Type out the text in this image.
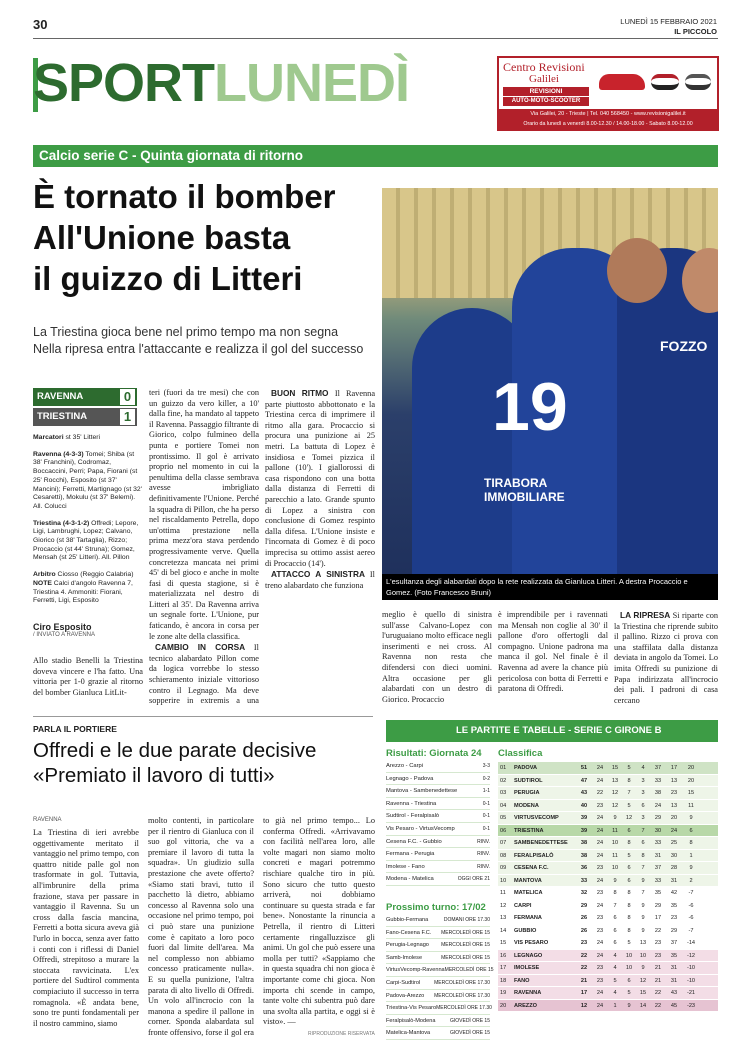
30	LUNEDÌ 15 FEBBRAIO 2021
IL PICCOLO
SPORTLUNEDÌ	Centro Revisioni
Galilei
REVISIONI
AUTO-MOTO-SCOOTER
Via Galilei, 20 - Trieste | Tel. 040 568450 - www.revisionigalilei.it
Orario da lunedì a venerdì 8.00-12.30 / 14.00-18.00 - Sabato 8.00-12.00
Calcio serie C - Quinta giornata di ritorno
È tornato il bomber
All'Unione basta
il guizzo di Litteri
La Triestina gioca bene nel primo tempo ma non segna
Nella ripresa entra l'attaccante e realizza il gol del successo
19
FOZZO
TIRABORA IMMOBILIARE
L'esultanza degli alabardati dopo la rete realizzata da Gianluca Litteri. A destra Procaccio e Gomez. (Foto Francesco Bruni)
RAVENNA	0
TRIESTINA	1
Marcatori st 35' Litteri
Ravenna (4-3-3) Tomei; Shiba (st 38' Franchini), Codromaz, Boccaccini, Perri; Papa, Fiorani (st 25' Rocchi), Esposito (st 37' Mancini); Ferretti, Martignago (st 32' Cesaretti), Mokulu (st 37' Belemi). All. Colucci
Triestina (4-3-1-2) Offredi; Lepore, Ligi, Lambrughi, Lopez; Calvano, Giorico (st 38' Tartaglia), Rizzo; Procaccio (st 44' Struna); Gomez, Mensah (st 25' Litteri). All. Pillon
Arbitro Ciosso (Reggio Calabria)
NOTE Calci d'angolo Ravenna 7, Triestina 4. Ammoniti: Fiorani, Ferretti, Ligi, Esposito
Ciro Esposito
/ INVIATO A RAVENNA

Allo stadio Benelli la Triestina doveva vincere e l'ha fatto. Una vittoria per 1-0 grazie al ritorno del bomber Gianluca LitLit-

teri (fuori da tre mesi) che con un guizzo da vero killer, a 10' dalla fine, ha mandato al tappeto il Ravenna. Passaggio filtrante di Giorico, colpo fulmineo della punta e portiere Tomei non prontissimo. Il gol è arrivato proprio nel momento in cui la penultima della classe sembrava avesse imbrigliato definitivamente l'Unione. Perché la squadra di Pillon, che ha perso nel riscaldamento Petrella, dopo un'ottima prestazione nella prima mezz'ora stava perdendo progressivamente verve. Quella concretezza mancata nei primi 45' di bel gioco e anche in molte fasi di questa stagione, si è materializzata nel destro di Litteri al 35'. Da Ravenna arriva un segnale forte. L'Unione, pur faticando, è ancora in corsa per le zone alte della classifica.

CAMBIO IN CORSA Il tecnico alabardato Pillon come da logica vorrebbe lo stesso schieramento iniziale vittorioso contro il Legnago. Ma deve sopperire in extremis a una

BUON RITMO Il Ravenna parte piuttosto abbottonato e la Triestina cerca di imprimere il ritmo alla gara. Procaccio si procura una punizione ai 25 metri. La battuta di Lopez è insidiosa e Tomei pizzica il pallone (10'). I giallorossi di casa rispondono con una botta dalla distanza di Ferretti di parecchio a lato. Grande spunto di Lopez a sinistra con conclusione di Gomez respinto dalla difesa. L'Unione insiste e l'incornata di Gomez è di poco imprecisa su ottimo assist aereo di Procaccio (14').

ATTACCO A SINISTRA Il treno alabardato che funziona

meglio è quello di sinistra sull'asse Calvano-Lopez con l'uruguaiano molto efficace negli inserimenti e nei cross. Al Ravenna non resta che difendersi con dieci uomini. Altra occasione per gli alabardati con un destro di Giorico. Procaccio

è imprendibile per i ravennati ma Mensah non coglie al 30' il pallone d'oro offertogli dal compagno. Unione padrona ma manca il gol. Nel finale è il Ravenna ad avere la chance più pericolosa con botta di Ferretti e paratona di Offredi.

LA RIPRESA Si riparte con la Triestina che riprende subito il pallino. Rizzo ci prova con una staffilata dalla distanza deviata in angolo da Tomei. Lo imita Offredi su punizione di Papa indirizzata all'incrocio dei pali. I padroni di casa cercano

PARLA IL PORTIERE
Offredi e le due parate decisive
«Premiato il lavoro di tutti»
RAVENNA

La Triestina di ieri avrebbe oggettivamente meritato il vantaggio nel primo tempo, con quattro nitide palle gol non trasformate in gol. Tuttavia, all'imbrunire della prima frazione, stava per passare in vantaggio il Ravenna. Su un cross dalla fascia mancina, Ferretti a botta sicura aveva già l'urlo in bocca, senza aver fatto i conti con i riflessi di Daniel Offredi, strepitoso a murare la stoccata ravvicinata. L'ex portiere del Sudtirol commenta compiaciuto il successo in terra romagnola. «È andata bene, sono tre punti fondamentali per il nostro cammino, siamo

molto contenti, in particolare per il rientro di Gianluca con il suo gol vittoria, che va a premiare il lavoro di tutta la squadra». Un giudizio sulla prestazione che avete offerto? «Siamo stati bravi, tutto il pacchetto là dietro, abbiamo concesso al Ravenna solo una occasione nel primo tempo, poi ci può stare una punizione come è capitato a loro poco fuori dal limite dell'area. Ma nel complesso non abbiamo concesso praticamente nulla». E su quella punizione, l'altra parata di alto livello di Offredi. Un volo all'incrocio con la manona a spedire il pallone in corner. Sponda alabardata sul fronte offensivo, forse il gol era

to già nel primo tempo... Lo conferma Offredi. «Arrivavamo con facilità nell'area loro, alle volte magari non siamo molto concreti e magari potremmo rischiare qualche tiro in più. Sono sicuro che tutto questo arriverà, noi dobbiamo continuare su questa strada e far bene». Nonostante la rinuncia a Petrella, il rientro di Litteri certamente ringalluzzisce gli animi. Un gol che può essere una molla per tutti? «Sappiamo che in questa squadra chi non gioca è importante come chi gioca. Non importa chi scende in campo, tante volte chi subentra può dare una svolta alla partita, e oggi si è visto». —

RIPRODUZIONE RISERVATA
LE PARTITE E TABELLE - SERIE C GIRONE B
Risultati: Giornata 24
Arezzo - Carpi	3-3
Legnago - Padova	0-2
Mantova - Sambenedettese	1-1
Ravenna - Triestina	0-1
Sudtirol - Feralpisalò	0-1
Vis Pesaro - VirtusVecomp	0-1
Cesena F.C. - Gubbio	RINV.
Fermana - Perugia	RINV.
Imolese - Fano	RINV.
Modena - Matelica	OGGI ORE 21
Prossimo turno: 17/02
Gubbio-Fermana	DOMANI ORE 17.30
Fano-Cesena F.C. MERCOLEDÌ ORE 15
Perugia-Legnago MERCOLEDÌ ORE 15
Samb-Imolese	MERCOLEDÌ ORE 15
VirtusVecomp-Ravenna MERCOLEDÌ ORE 15
Carpi-Sudtirol	MERCOLEDÌ ORE 17.30
Padova-Arezzo MERCOLEDÌ ORE 17.30
Triestina-Vis Pesaro MERCOLEDÌ ORE 17.30
Feralpisalò-Modena	GIOVEDÌ ORE 15
Matelica-Mantova	GIOVEDÌ ORE 15
Classifica
01	PADOVA	51	24	15	5	4	37	17	20
02	SUDTIROL	47	24	13	8	3	33	13	20
03	PERUGIA	43	22	12	7	3	38	23	15
04	MODENA	40	23	12	5	6	24	13	11
05	VIRTUSVECOMP	39	24	9	12	3	29	20	9
06	TRIESTINA	39	24	11	6	7	30	24	6
07	SAMBENEDETTESE	38	24	10	8	6	33	25	8
08	FERALPISALÒ	38	24	11	5	8	31	30	1
09	CESENA F.C.	36	23	10	6	7	37	28	9
10	MANTOVA	33	24	9	6	9	33	31	2
11	MATELICA	32	23	8	8	7	35	42	-7
12	CARPI	29	24	7	8	9	29	35	-6
13	FERMANA	26	23	6	8	9	17	23	-6
14	GUBBIO	26	23	6	8	9	22	29	-7
15	VIS PESARO	23	24	6	5	13	23	37	-14
16	LEGNAGO	22	24	4	10	10	23	35	-12
17	IMOLESE	22	23	4	10	9	21	31	-10
18	FANO	21	23	5	6	12	21	31	-10
19	RAVENNA	17	24	4	5	15	22	43	-21
20	AREZZO	12	24	1	9	14	22	45	-23
